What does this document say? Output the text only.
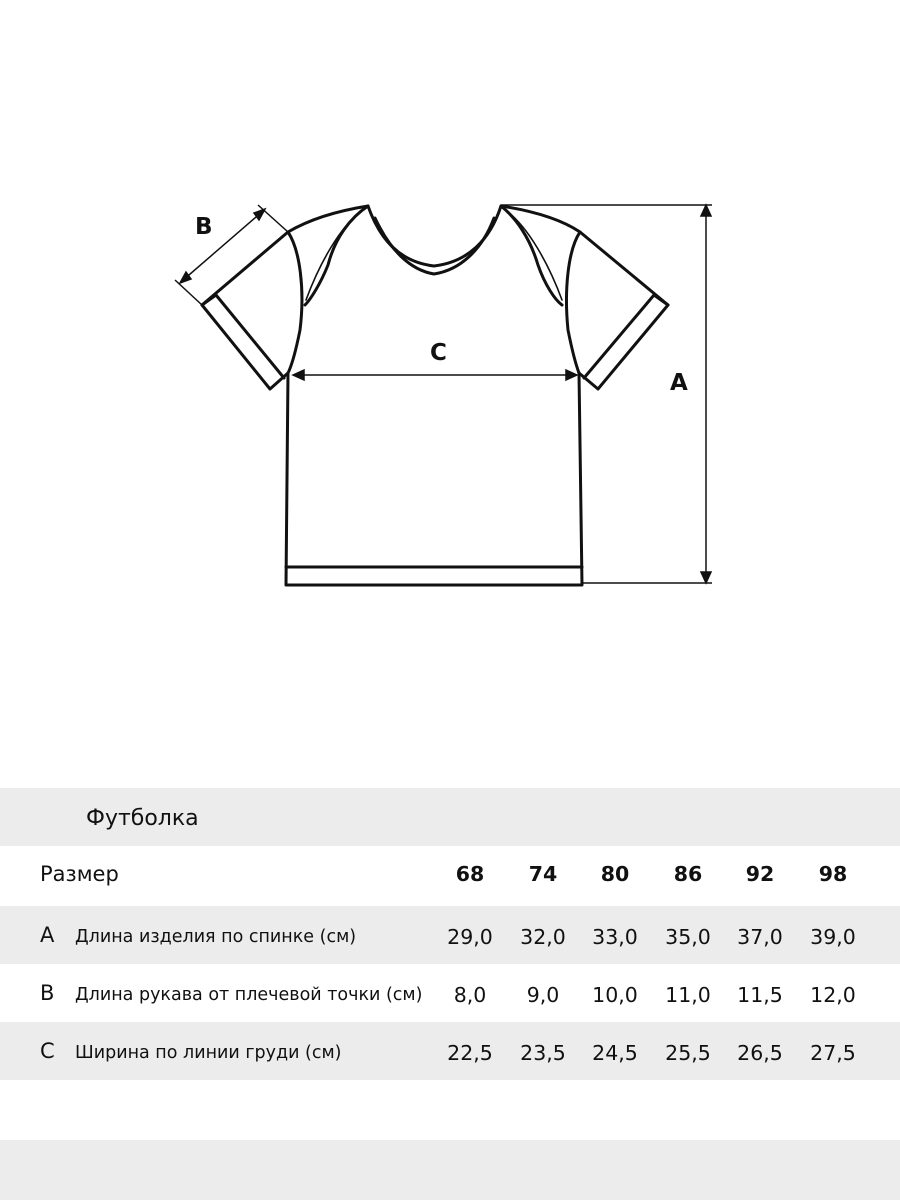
B
C
A
Футболка
Размер	68	74	80	86	92	98
A Длина изделия по спинке (см)	29,0	32,0	33,0	35,0	37,0	39,0
B Длина рукава от плечевой точки (см)	8,0	9,0	10,0	11,0	11,5	12,0
C Ширина по линии груди (см)	22,5	23,5	24,5	25,5	26,5	27,5
